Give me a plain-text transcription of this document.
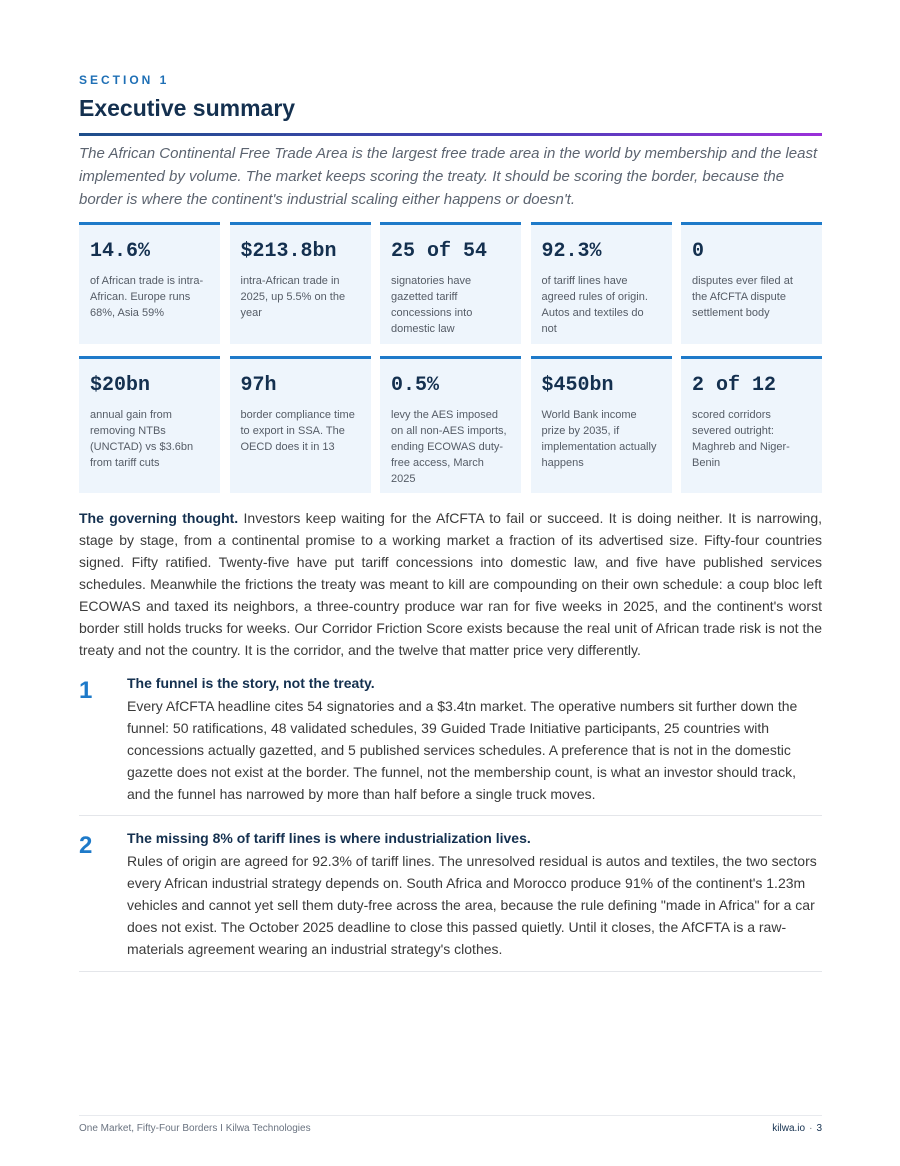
SECTION 1
Executive summary
The African Continental Free Trade Area is the largest free trade area in the world by membership and the least implemented by volume. The market keeps scoring the treaty. It should be scoring the border, because the border is where the continent's industrial scaling either happens or doesn't.
14.6%
of African trade is intra-African. Europe runs 68%, Asia 59%
$213.8bn
intra-African trade in 2025, up 5.5% on the year
25 of 54
signatories have gazetted tariff concessions into domestic law
92.3%
of tariff lines have agreed rules of origin. Autos and textiles do not
0
disputes ever filed at the AfCFTA dispute settlement body
$20bn
annual gain from removing NTBs (UNCTAD) vs $3.6bn from tariff cuts
97h
border compliance time to export in SSA. The OECD does it in 13
0.5%
levy the AES imposed on all non-AES imports, ending ECOWAS duty-free access, March 2025
$450bn
World Bank income prize by 2035, if implementation actually happens
2 of 12
scored corridors severed outright: Maghreb and Niger-Benin
The governing thought. Investors keep waiting for the AfCFTA to fail or succeed. It is doing neither. It is narrowing, stage by stage, from a continental promise to a working market a fraction of its advertised size. Fifty-four countries signed. Fifty ratified. Twenty-five have put tariff concessions into domestic law, and five have published services schedules. Meanwhile the frictions the treaty was meant to kill are compounding on their own schedule: a coup bloc left ECOWAS and taxed its neighbors, a three-country produce war ran for five weeks in 2025, and the continent's worst border still holds trucks for weeks. Our Corridor Friction Score exists because the real unit of African trade risk is not the treaty and not the country. It is the corridor, and the twelve that matter price very differently.
1 The funnel is the story, not the treaty.
Every AfCFTA headline cites 54 signatories and a $3.4tn market. The operative numbers sit further down the funnel: 50 ratifications, 48 validated schedules, 39 Guided Trade Initiative participants, 25 countries with concessions actually gazetted, and 5 published services schedules. A preference that is not in the domestic gazette does not exist at the border. The funnel, not the membership count, is what an investor should track, and the funnel has narrowed by more than half before a single truck moves.
2 The missing 8% of tariff lines is where industrialization lives.
Rules of origin are agreed for 92.3% of tariff lines. The unresolved residual is autos and textiles, the two sectors every African industrial strategy depends on. South Africa and Morocco produce 91% of the continent's 1.23m vehicles and cannot yet sell them duty-free across the area, because the rule defining "made in Africa" for a car does not exist. The October 2025 deadline to close this passed quietly. Until it closes, the AfCFTA is a raw-materials agreement wearing an industrial strategy's clothes.
One Market, Fifty-Four Borders I Kilwa Technologies	kilwa.io · 3
